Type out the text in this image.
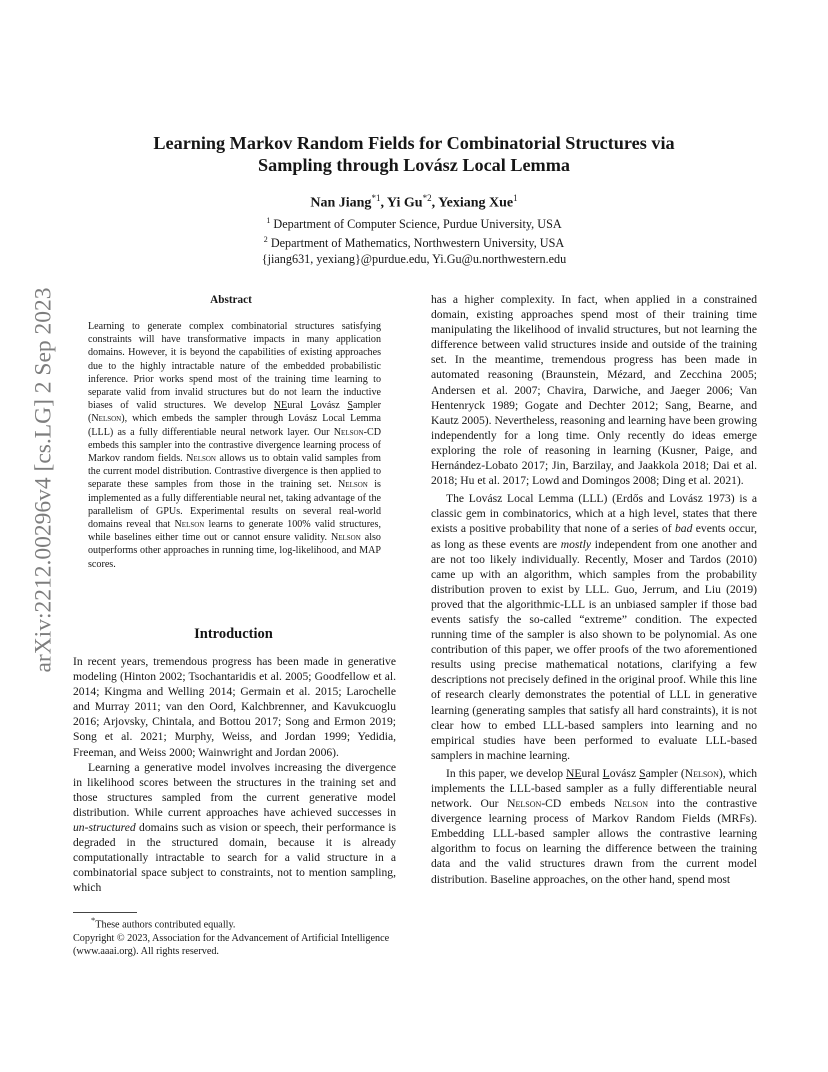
arXiv:2212.00296v4 [cs.LG] 2 Sep 2023
Learning Markov Random Fields for Combinatorial Structures via
Sampling through Lovász Local Lemma
Nan Jiang$^{*1}$, Yi Gu$^{*2}$, Yexiang Xue$^1$
$^1$ Department of Computer Science, Purdue University, USA
$^2$ Department of Mathematics, Northwestern University, USA
{jiang631, yexiang}@purdue.edu, Yi.Gu@u.northwestern.edu
Abstract
Learning to generate complex combinatorial structures satisfying constraints will have transformative impacts in many application domains. However, it is beyond the capabilities of existing approaches due to the highly intractable nature of the embedded probabilistic inference. Prior works spend most of the training time learning to separate valid from invalid structures but do not learn the inductive biases of valid structures. We develop NEural Lovász Sampler (Nelson), which embeds the sampler through Lovász Local Lemma (LLL) as a fully differentiable neural network layer. Our Nelson-CD embeds this sampler into the contrastive divergence learning process of Markov random fields. Nelson allows us to obtain valid samples from the current model distribution. Contrastive divergence is then applied to separate these samples from those in the training set. Nelson is implemented as a fully differentiable neural net, taking advantage of the parallelism of GPUs. Experimental results on several real-world domains reveal that Nelson learns to generate 100% valid structures, while baselines either time out or cannot ensure validity. Nelson also outperforms other approaches in running time, log-likelihood, and MAP scores.
Introduction

In recent years, tremendous progress has been made in generative modeling (Hinton 2002; Tsochantaridis et al. 2005; Goodfellow et al. 2014; Kingma and Welling 2014; Germain et al. 2015; Larochelle and Murray 2011; van den Oord, Kalchbrenner, and Kavukcuoglu 2016; Arjovsky, Chintala, and Bottou 2017; Song and Ermon 2019; Song et al. 2021; Murphy, Weiss, and Jordan 1999; Yedidia, Freeman, and Weiss 2000; Wainwright and Jordan 2006).

Learning a generative model involves increasing the divergence in likelihood scores between the structures in the training set and those structures sampled from the current generative model distribution. While current approaches have achieved successes in un-structured domains such as vision or speech, their performance is degraded in the structured domain, because it is already computationally intractable to search for a valid structure in a combinatorial space subject to constraints, not to mention sampling, which

has a higher complexity. In fact, when applied in a constrained domain, existing approaches spend most of their training time manipulating the likelihood of invalid structures, but not learning the difference between valid structures inside and outside of the training set. In the meantime, tremendous progress has been made in automated reasoning (Braunstein, Mézard, and Zecchina 2005; Andersen et al. 2007; Chavira, Darwiche, and Jaeger 2006; Van Hentenryck 1989; Gogate and Dechter 2012; Sang, Bearne, and Kautz 2005). Nevertheless, reasoning and learning have been growing independently for a long time. Only recently do ideas emerge exploring the role of reasoning in learning (Kusner, Paige, and Hernández-Lobato 2017; Jin, Barzilay, and Jaakkola 2018; Dai et al. 2018; Hu et al. 2017; Lowd and Domingos 2008; Ding et al. 2021).

The Lovász Local Lemma (LLL) (Erdős and Lovász 1973) is a classic gem in combinatorics, which at a high level, states that there exists a positive probability that none of a series of bad events occur, as long as these events are mostly independent from one another and are not too likely individually. Recently, Moser and Tardos (2010) came up with an algorithm, which samples from the probability distribution proven to exist by LLL. Guo, Jerrum, and Liu (2019) proved that the algorithmic-LLL is an unbiased sampler if those bad events satisfy the so-called “extreme” condition. The expected running time of the sampler is also shown to be polynomial. As one contribution of this paper, we offer proofs of the two aforementioned results using precise mathematical notations, clarifying a few descriptions not precisely defined in the original proof. While this line of research clearly demonstrates the potential of LLL in generative learning (generating samples that satisfy all hard constraints), it is not clear how to embed LLL-based samplers into learning and no empirical studies have been performed to evaluate LLL-based samplers in machine learning.

In this paper, we develop NEural Lovász Sampler (Nelson), which implements the LLL-based sampler as a fully differentiable neural network. Our Nelson-CD embeds Nelson into the contrastive divergence learning process of Markov Random Fields (MRFs). Embedding LLL-based sampler allows the contrastive learning algorithm to focus on learning the difference between the training data and the valid structures drawn from the current model distribution. Baseline approaches, on the other hand, spend most

*These authors contributed equally.
Copyright © 2023, Association for the Advancement of Artificial Intelligence (www.aaai.org). All rights reserved.
